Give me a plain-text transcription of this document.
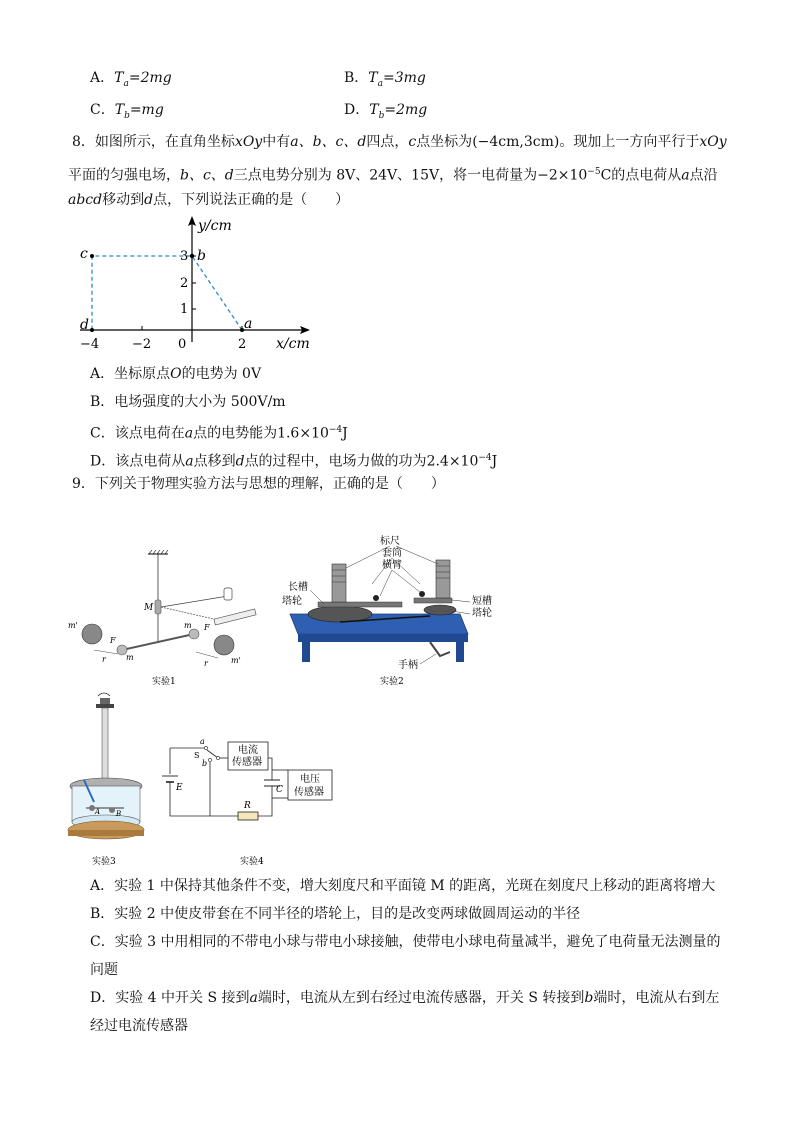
A．$T_a=2mg$	B．$T_a=3mg$
C．$T_b=mg$	D．$T_b=2mg$
8．如图所示，在直角坐标xOy中有a、b、c、d四点，c点坐标为(−4cm,3cm)。现加上一方向平行于xOy
平面的匀强电场，b、c、d三点电势分别为 8V、24V、15V，将一电荷量为$-2\times 10^{-5}C$的点电荷从a点沿
abcd移动到d点，下列说法正确的是（　　）
y/cm
x/cm
1
2
3
−4	−2 0	2
a
b
c
d
A．坐标原点O的电势为 0V
B．电场强度的大小为 500V/m
C．该点电荷在a点的电势能为$1.6\times 10^{-4}J$
D．该点电荷从a点移到d点的过程中，电场力做的功为$2.4\times 10^{-4}J$
9．下列关于物理实验方法与思想的理解，正确的是（　　）
M
m'
m'
F
F
m
m
r	r
实验1
标尺
套筒
横臂
长槽
塔轮	短槽
塔轮
手柄
实验2
A B
实验3
E
a
b
S	电流
传感器
C
电压
传感器
R
实验4
A．实验 1 中保持其他条件不变，增大刻度尺和平面镜 M 的距离，光斑在刻度尺上移动的距离将增大
B．实验 2 中使皮带套在不同半径的塔轮上，目的是改变两球做圆周运动的半径
C．实验 3 中用相同的不带电小球与带电小球接触，使带电小球电荷量减半，避免了电荷量无法测量的
问题
D．实验 4 中开关 S 接到a端时，电流从左到右经过电流传感器，开关 S 转接到b端时，电流从右到左
经过电流传感器
